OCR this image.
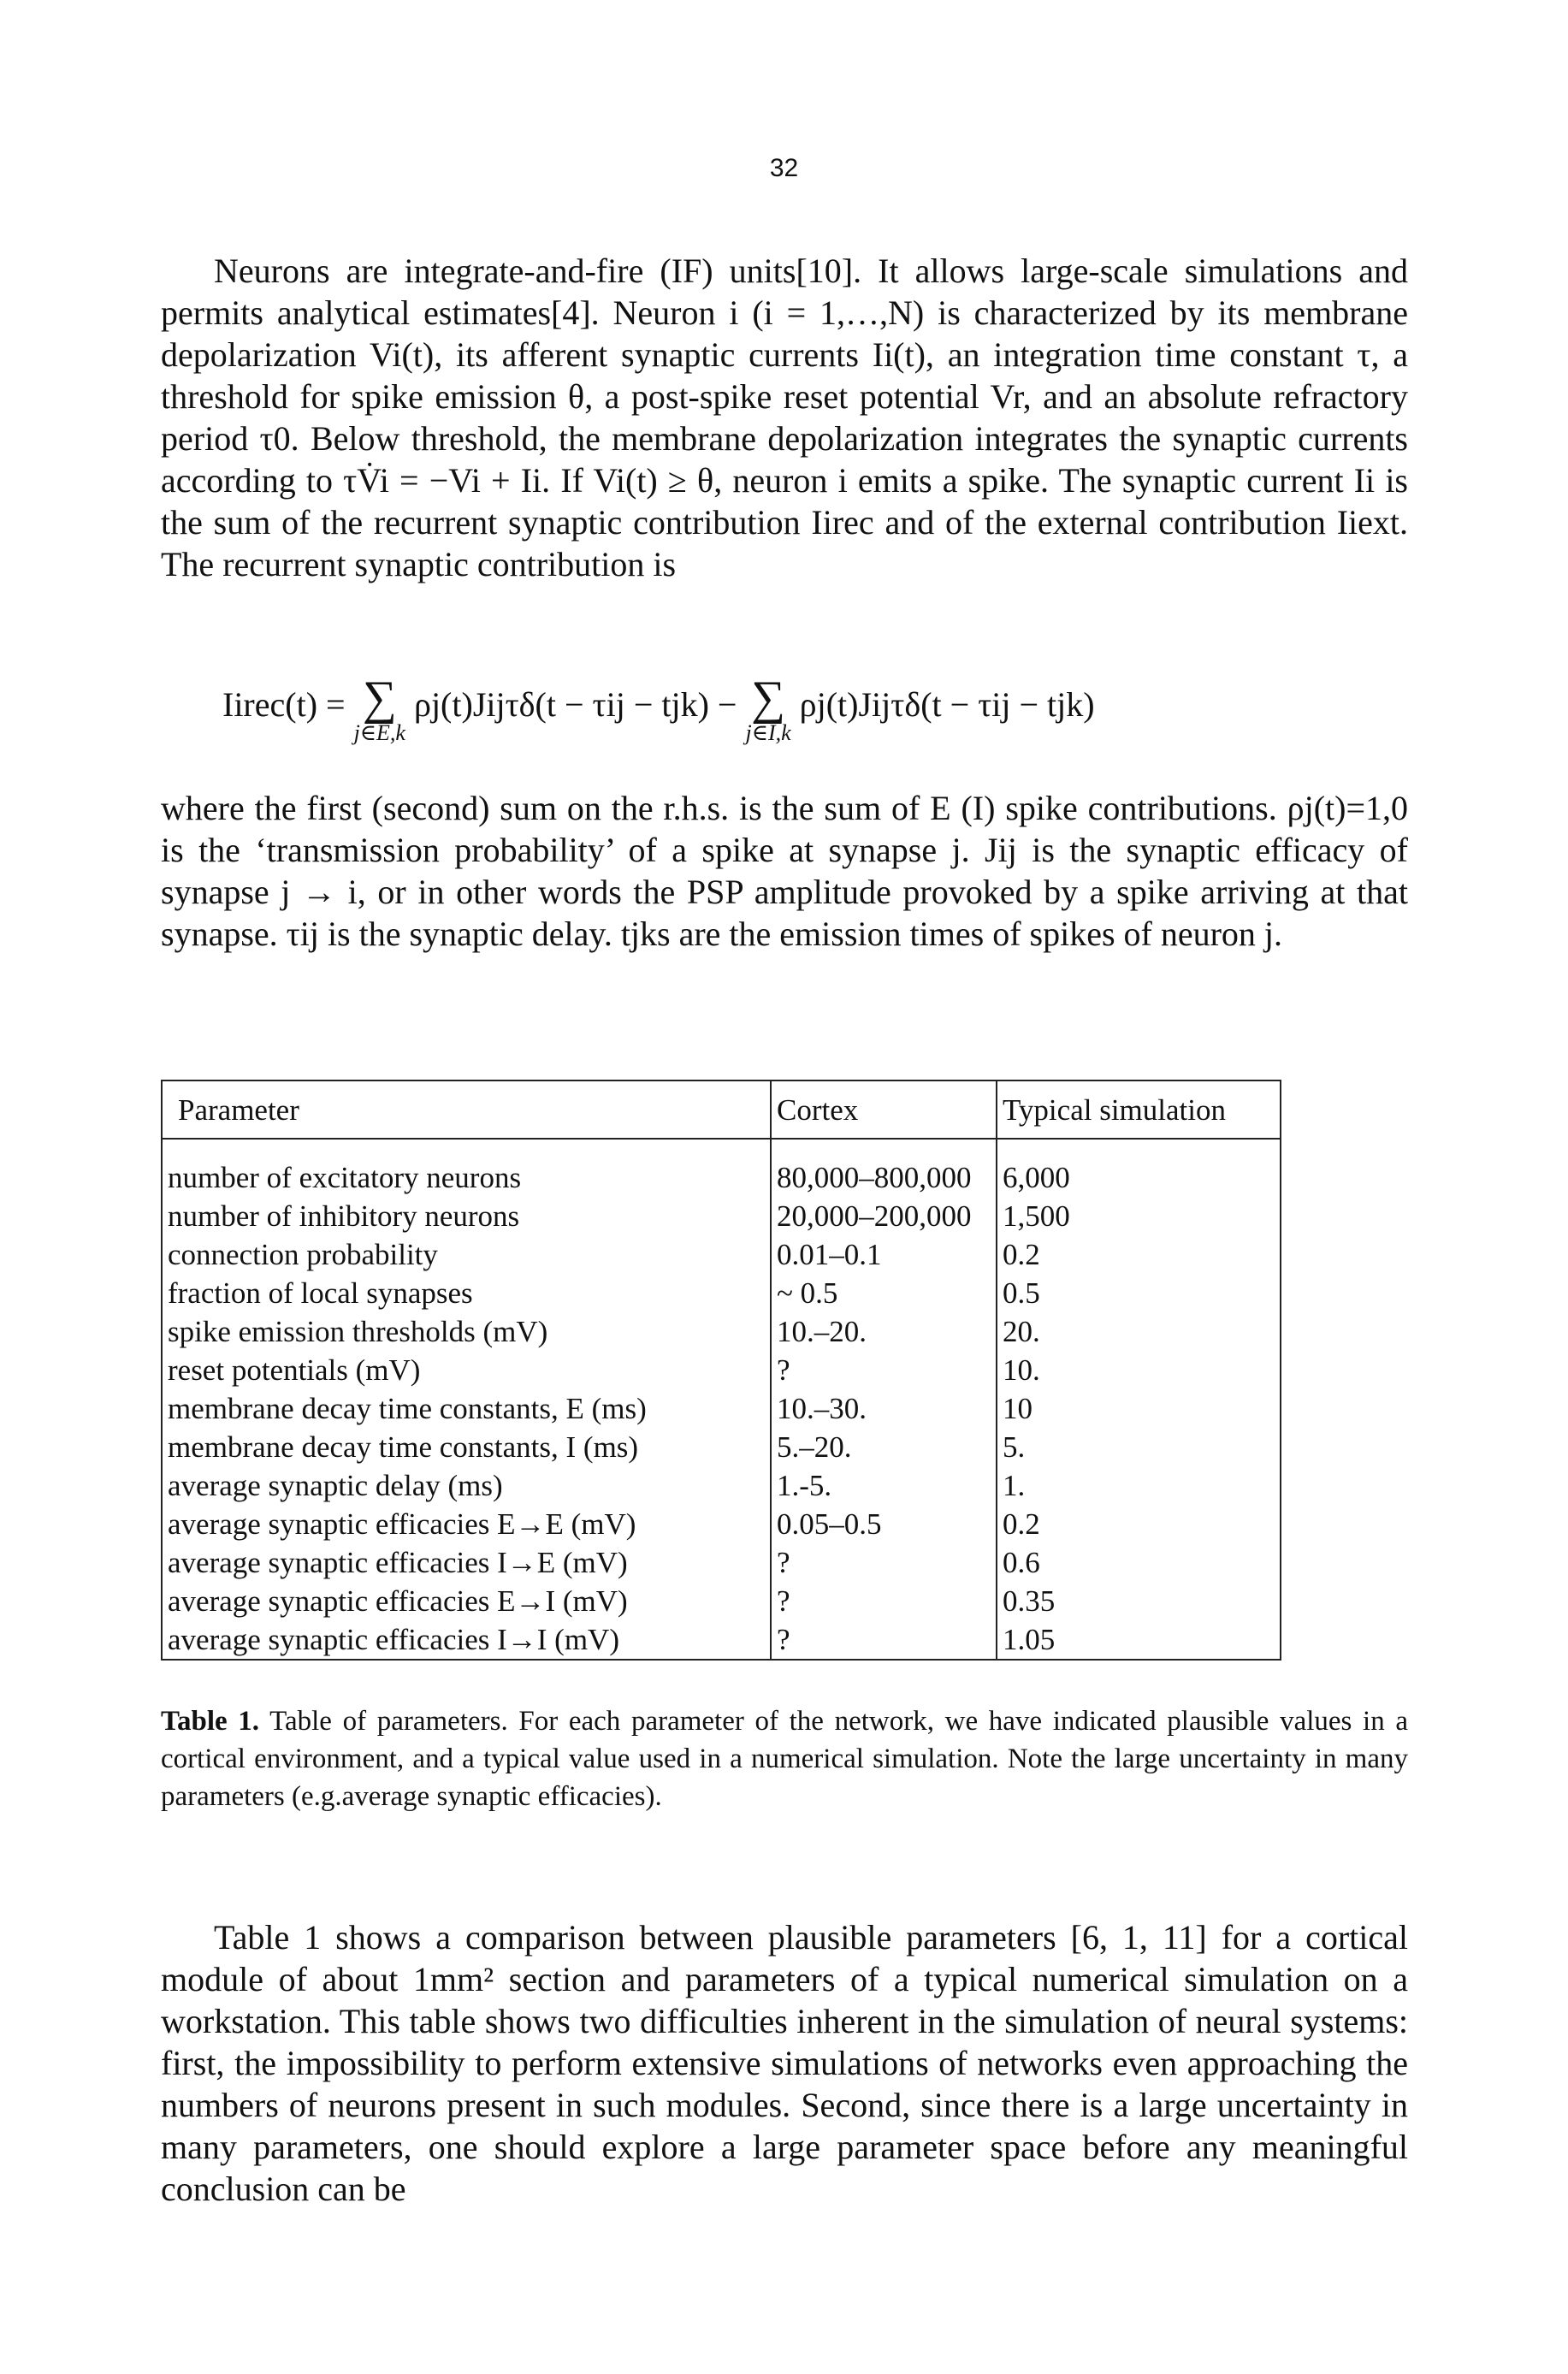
32
Neurons are integrate-and-fire (IF) units[10]. It allows large-scale simulations and permits analytical estimates[4]. Neuron i (i = 1,…,N) is characterized by its membrane depolarization Vi(t), its afferent synaptic currents Ii(t), an integration time constant τ, a threshold for spike emission θ, a post-spike reset potential Vr, and an absolute refractory period τ0. Below threshold, the membrane depolarization integrates the synaptic currents according to τV̇i = −Vi + Ii. If Vi(t) ≥ θ, neuron i emits a spike. The synaptic current Ii is the sum of the recurrent synaptic contribution Iirec and of the external contribution Iiext. The recurrent synaptic contribution is
Iirec(t) = ∑
j∈E,k
ρj(t)Jijτδ(t − τij − tjk) − ∑
j∈I,k
ρj(t)Jijτδ(t − τij − tjk)
where the first (second) sum on the r.h.s. is the sum of E (I) spike contributions. ρj(t)=1,0 is the ‘transmission probability’ of a spike at synapse j. Jij is the synaptic efficacy of synapse j → i, or in other words the PSP amplitude provoked by a spike arriving at that synapse. τij is the synaptic delay. tjks are the emission times of spikes of neuron j.
Parameter	Cortex	Typical simulation

number of excitatory neurons	80,000–800,000	6,000
number of inhibitory neurons	20,000–200,000	1,500
connection probability	0.01–0.1	0.2
fraction of local synapses	~ 0.5	0.5
spike emission thresholds (mV)	10.–20.	20.
reset potentials (mV)	?	10.
membrane decay time constants, E (ms)	10.–30.	10
membrane decay time constants, I (ms)	5.–20.	5.
average synaptic delay (ms)	1.-5.	1.
average synaptic efficacies E→E (mV)	0.05–0.5	0.2
average synaptic efficacies I→E (mV)	?	0.6
average synaptic efficacies E→I (mV)	?	0.35
average synaptic efficacies I→I (mV)	?	1.05
Table 1. Table of parameters. For each parameter of the network, we have indicated plausible values in a cortical environment, and a typical value used in a numerical simulation. Note the large uncertainty in many parameters (e.g.average synaptic efficacies).
Table 1 shows a comparison between plausible parameters [6, 1, 11] for a cortical module of about 1mm² section and parameters of a typical numerical simulation on a workstation. This table shows two difficulties inherent in the simulation of neural systems: first, the impossibility to perform extensive simulations of networks even approaching the numbers of neurons present in such modules. Second, since there is a large uncertainty in many parameters, one should explore a large parameter space before any meaningful conclusion can be
